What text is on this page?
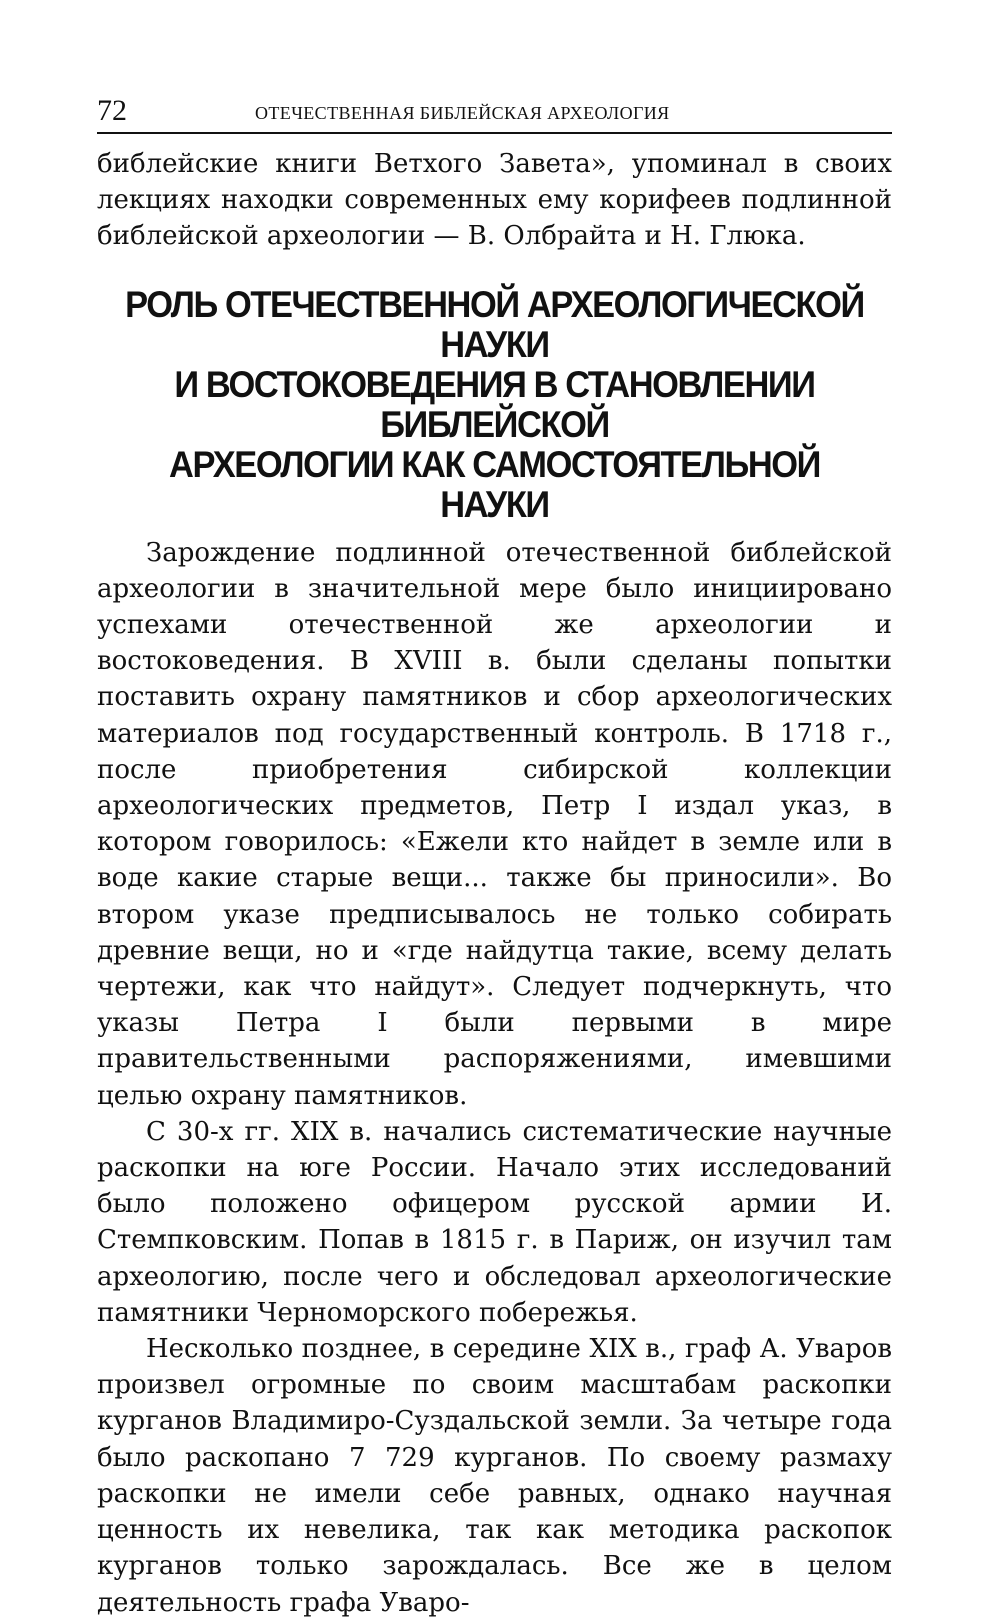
72	ОТЕЧЕСТВЕННАЯ БИБЛЕЙСКАЯ АРХЕОЛОГИЯ

библейские книги Ветхого Завета», упоминал в своих лекциях находки современных ему корифеев подлинной библейской археологии — В. Олбрайта и Н. Глюка.

РОЛЬ ОТЕЧЕСТВЕННОЙ АРХЕОЛОГИЧЕСКОЙ НАУКИ
И ВОСТОКОВЕДЕНИЯ В СТАНОВЛЕНИИ БИБЛЕЙСКОЙ
АРХЕОЛОГИИ КАК САМОСТОЯТЕЛЬНОЙ НАУКИ

Зарождение подлинной отечественной библейской археологии в значительной мере было инициировано успехами отечественной же археологии и востоковедения. В XVIII в. были сделаны попытки поставить охрану памятников и сбор археологических материалов под государственный контроль. В 1718 г., после приобретения сибирской коллекции археологических предметов, Петр I издал указ, в котором говорилось: «Ежели кто найдет в земле или в воде какие старые вещи... также бы приносили». Во втором указе предписывалось не только собирать древние вещи, но и «где найдутца такие, всему делать чертежи, как что найдут». Следует подчеркнуть, что указы Петра I были первыми в мире правительственными распоряжениями, имевшими целью охрану памятников.

С 30-х гг. XIX в. начались систематические научные раскопки на юге России. Начало этих исследований было положено офицером русской армии И. Стемпковским. Попав в 1815 г. в Париж, он изучил там археологию, после чего и обследовал археологические памятники Черноморского побережья.

Несколько позднее, в середине XIX в., граф А. Уваров произвел огромные по своим масштабам раскопки курганов Владимиро-Суздальской земли. За четыре года было раскопано 7 729 курганов. По своему размаху раскопки не имели себе равных, однако научная ценность их невелика, так как методика раскопок курганов только зарождалась. Все же в целом деятельность графа Уваро-
